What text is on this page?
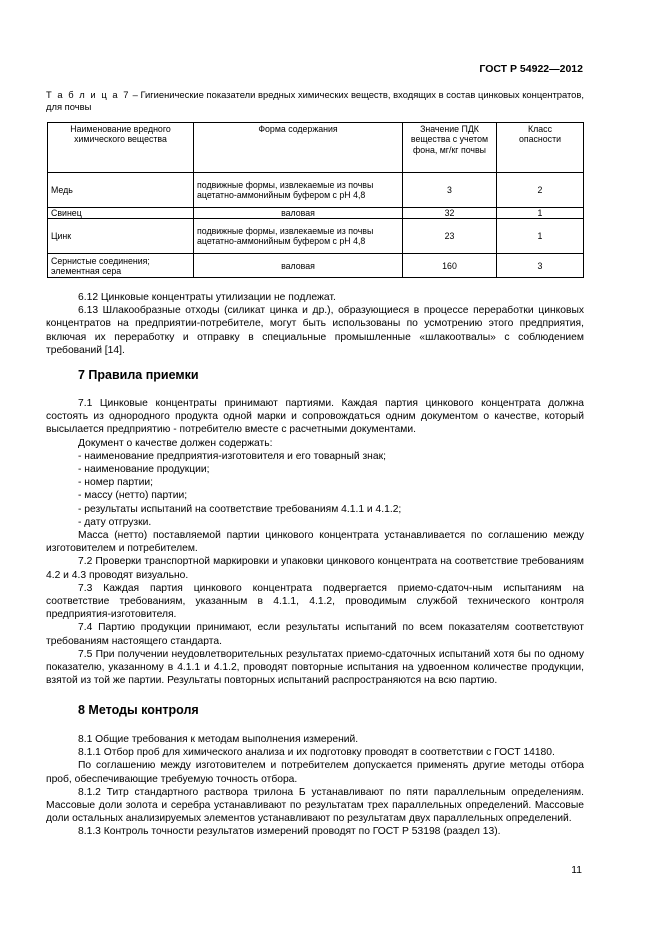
ГОСТ Р 54922—2012
Т а б л и ц а 7 – Гигиенические показатели вредных химических веществ, входящих в состав цинковых концентратов, для почвы
Наименование вредного химического вещества	Форма содержания	Значение ПДК вещества с учетом фона, мг/кг почвы	Класс опасности
Медь	подвижные формы, извлекаемые из почвы ацетатно-аммонийным буфером с pH 4,8	3	2
Свинец	валовая	32	1
Цинк	подвижные формы, извлекаемые из почвы ацетатно-аммонийным буфером с pH 4,8	23	1
Сернистые соединения; элементная сера	валовая	160	3

6.12 Цинковые концентраты утилизации не подлежат.

6.13 Шлакообразные отходы (силикат цинка и др.), образующиеся в процессе переработки цинковых концентратов на предприятии-потребителе, могут быть использованы по усмотрению этого предприятия, включая их переработку и отправку в специальные промышленные «шлакоотвалы» с соблюдением требований [14].

7 Правила приемки

7.1 Цинковые концентраты принимают партиями. Каждая партия цинкового концентрата должна состоять из однородного продукта одной марки и сопровождаться одним документом о качестве, который высылается предприятию - потребителю вместе с расчетными документами.

Документ о качестве должен содержать:

- наименование предприятия-изготовителя и его товарный знак;

- наименование продукции;

- номер партии;

- массу (нетто) партии;

- результаты испытаний на соответствие требованиям 4.1.1 и 4.1.2;

- дату отгрузки.

Масса (нетто) поставляемой партии цинкового концентрата устанавливается по соглашению между изготовителем и потребителем.

7.2 Проверки транспортной маркировки и упаковки цинкового концентрата на соответствие требованиям 4.2 и 4.3 проводят визуально.

7.3 Каждая партия цинкового концентрата подвергается приемо-сдаточ-ным испытаниям на соответствие требованиям, указанным в 4.1.1, 4.1.2, проводимым службой технического контроля предприятия-изготовителя.

7.4 Партию продукции принимают, если результаты испытаний по всем показателям соответствуют требованиям настоящего стандарта.

7.5 При получении неудовлетворительных результатах приемо-сдаточных испытаний хотя бы по одному показателю, указанному в 4.1.1 и 4.1.2, проводят повторные испытания на удвоенном количестве продукции, взятой из той же партии. Результаты повторных испытаний распространяются на всю партию.

8 Методы контроля

8.1 Общие требования к методам выполнения измерений.

8.1.1 Отбор проб для химического анализа и их подготовку проводят в соответствии с ГОСТ 14180.

По соглашению между изготовителем и потребителем допускается применять другие методы отбора проб, обеспечивающие требуемую точность отбора.

8.1.2 Титр стандартного раствора трилона Б устанавливают по пяти параллельным определениям. Массовые доли золота и серебра устанавливают по результатам трех параллельных определений. Массовые доли остальных анализируемых элементов устанавливают по результатам двух параллельных определений.

8.1.3 Контроль точности результатов измерений проводят по ГОСТ Р 53198 (раздел 13).

11
